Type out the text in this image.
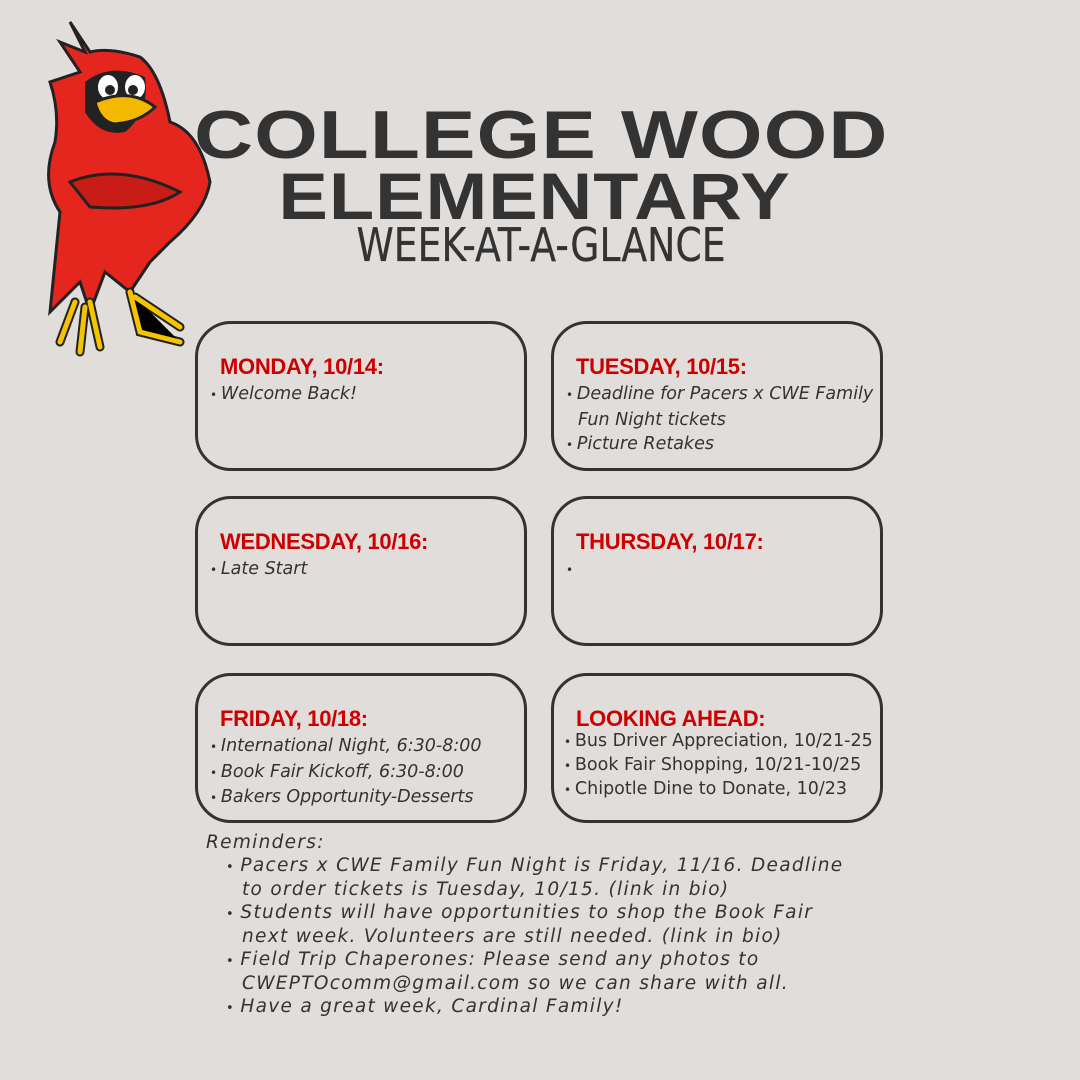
COLLEGE WOOD
ELEMENTARY
WEEK-AT-A-GLANCE
MONDAY, 10/14:
• Welcome Back!
TUESDAY, 10/15:
• Deadline for Pacers x CWE Family Fun Night tickets
• Picture Retakes
WEDNESDAY, 10/16:
• Late Start
THURSDAY, 10/17:
•
FRIDAY, 10/18:
• International Night, 6:30-8:00
• Book Fair Kickoff, 6:30-8:00
• Bakers Opportunity-Desserts
LOOKING AHEAD:
• Bus Driver Appreciation, 10/21-25
• Book Fair Shopping, 10/21-10/25
• Chipotle Dine to Donate, 10/23
Reminders:
• Pacers x CWE Family Fun Night is Friday, 11/16. Deadline to order tickets is Tuesday, 10/15. (link in bio)
• Students will have opportunities to shop the Book Fair next week. Volunteers are still needed. (link in bio)
• Field Trip Chaperones: Please send any photos to CWEPTOcomm@gmail.com so we can share with all.
• Have a great week, Cardinal Family!
